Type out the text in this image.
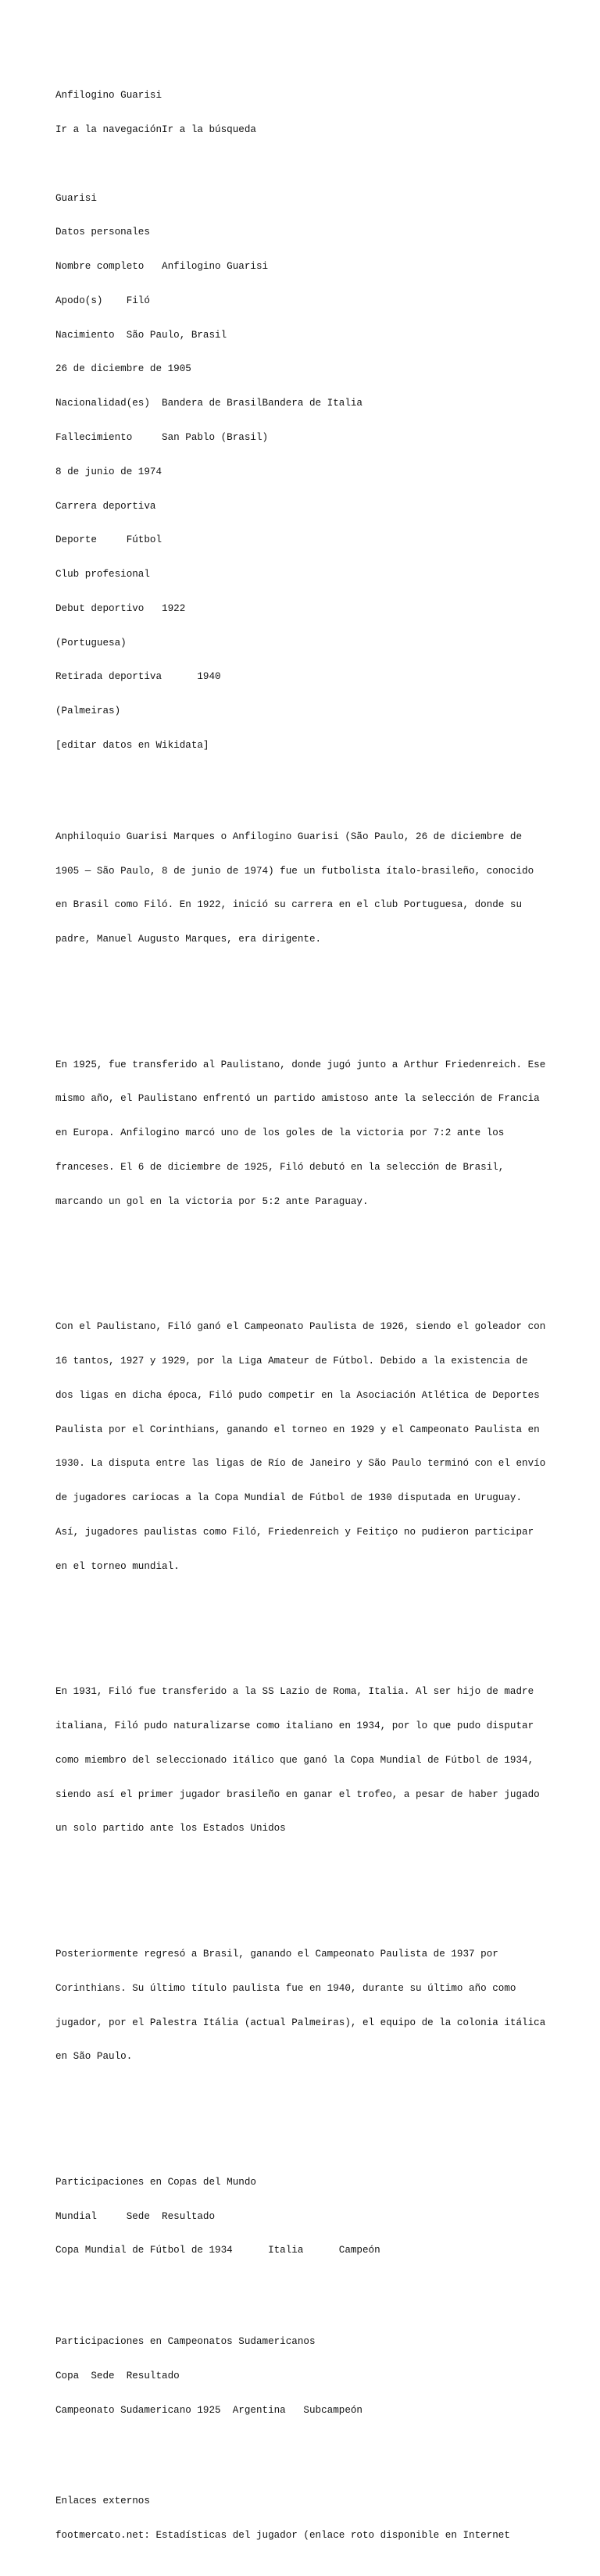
Anfilogino Guarisi

Ir a la navegaciónIr a la búsqueda

Guarisi

Datos personales

Nombre completo   Anfilogino Guarisi

Apodo(s)    Filó

Nacimiento  São Paulo, Brasil

26 de diciembre de 1905

Nacionalidad(es)  Bandera de BrasilBandera de Italia

Fallecimiento     San Pablo (Brasil)

8 de junio de 1974

Carrera deportiva

Deporte     Fútbol

Club profesional

Debut deportivo   1922

(Portuguesa)

Retirada deportiva      1940

(Palmeiras)

[editar datos en Wikidata]

Anphiloquio Guarisi Marques o Anfilogino Guarisi (São Paulo, 26 de diciembre de

1905 — São Paulo, 8 de junio de 1974) fue un futbolista ítalo-brasileño, conocido

en Brasil como Filó. En 1922, inició su carrera en el club Portuguesa, donde su

padre, Manuel Augusto Marques, era dirigente.

En 1925, fue transferido al Paulistano, donde jugó junto a Arthur Friedenreich. Ese

mismo año, el Paulistano enfrentó un partido amistoso ante la selección de Francia

en Europa. Anfilogino marcó uno de los goles de la victoria por 7:2 ante los

franceses. El 6 de diciembre de 1925, Filó debutó en la selección de Brasil,

marcando un gol en la victoria por 5:2 ante Paraguay.

Con el Paulistano, Filó ganó el Campeonato Paulista de 1926, siendo el goleador con

16 tantos, 1927 y 1929, por la Liga Amateur de Fútbol. Debido a la existencia de

dos ligas en dicha época, Filó pudo competir en la Asociación Atlética de Deportes

Paulista por el Corinthians, ganando el torneo en 1929 y el Campeonato Paulista en

1930. La disputa entre las ligas de Río de Janeiro y São Paulo terminó con el envío

de jugadores cariocas a la Copa Mundial de Fútbol de 1930 disputada en Uruguay.

Así, jugadores paulistas como Filó, Friedenreich y Feitiço no pudieron participar

en el torneo mundial.

En 1931, Filó fue transferido a la SS Lazio de Roma, Italia. Al ser hijo de madre

italiana, Filó pudo naturalizarse como italiano en 1934, por lo que pudo disputar

como miembro del seleccionado itálico que ganó la Copa Mundial de Fútbol de 1934,

siendo así el primer jugador brasileño en ganar el trofeo, a pesar de haber jugado

un solo partido ante los Estados Unidos

Posteriormente regresó a Brasil, ganando el Campeonato Paulista de 1937 por

Corinthians. Su último título paulista fue en 1940, durante su último año como

jugador, por el Palestra Itália (actual Palmeiras), el equipo de la colonia itálica

en São Paulo.

Participaciones en Copas del Mundo

Mundial     Sede  Resultado

Copa Mundial de Fútbol de 1934      Italia      Campeón

Participaciones en Campeonatos Sudamericanos

Copa  Sede  Resultado

Campeonato Sudamericano 1925  Argentina   Subcampeón

Enlaces externos

footmercato.net: Estadísticas del jugador (enlace roto disponible en Internet
